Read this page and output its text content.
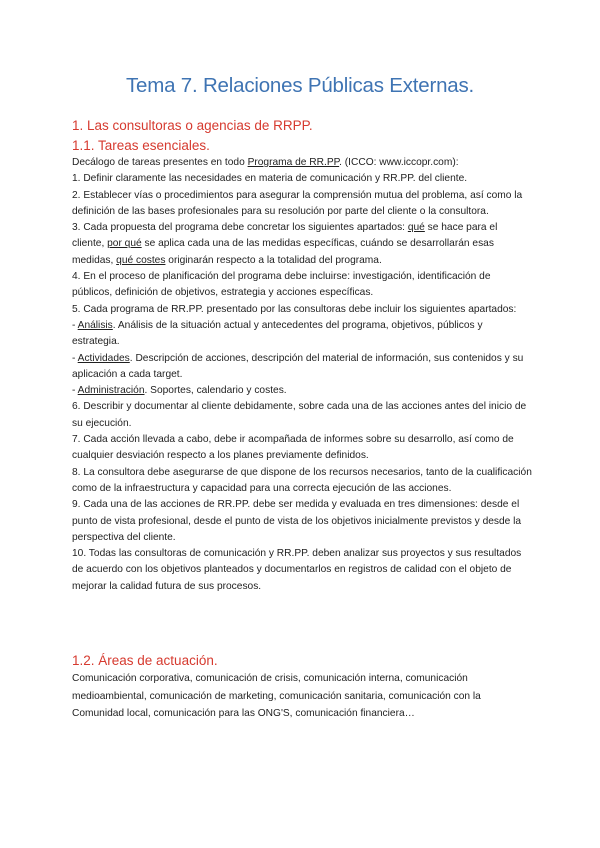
Tema 7. Relaciones Públicas Externas.
1. Las consultoras o agencias de RRPP.
1.1. Tareas esenciales.

Decálogo de tareas presentes en todo Programa de RR.PP. (ICCO: www.iccopr.com):

1. Definir claramente las necesidades en materia de comunicación y RR.PP. del cliente.

2. Establecer vías o procedimientos para asegurar la comprensión mutua del problema, así como la definición de las bases profesionales para su resolución por parte del cliente o la consultora.

3. Cada propuesta del programa debe concretar los siguientes apartados: qué se hace para el cliente, por qué se aplica cada una de las medidas específicas, cuándo se desarrollarán esas medidas, qué costes originarán respecto a la totalidad del programa.

4. En el proceso de planificación del programa debe incluirse: investigación, identificación de públicos, definición de objetivos, estrategia y acciones específicas.

5. Cada programa de RR.PP. presentado por las consultoras debe incluir los siguientes apartados:

- Análisis. Análisis de la situación actual y antecedentes del programa, objetivos, públicos y estrategia.

- Actividades. Descripción de acciones, descripción del material de información, sus contenidos y su aplicación a cada target.

- Administración. Soportes, calendario y costes.

6. Describir y documentar al cliente debidamente, sobre cada una de las acciones antes del inicio de su ejecución.

7. Cada acción llevada a cabo, debe ir acompañada de informes sobre su desarrollo, así como de cualquier desviación respecto a los planes previamente definidos.

8. La consultora debe asegurarse de que dispone de los recursos necesarios, tanto de la cualificación como de la infraestructura y capacidad para una correcta ejecución de las acciones.

9. Cada una de las acciones de RR.PP. debe ser medida y evaluada en tres dimensiones: desde el punto de vista profesional, desde el punto de vista de los objetivos inicialmente previstos y desde la perspectiva del cliente.

10. Todas las consultoras de comunicación y RR.PP. deben analizar sus proyectos y sus resultados de acuerdo con los objetivos planteados y documentarlos en registros de calidad con el objeto de mejorar la calidad futura de sus procesos.

1.2. Áreas de actuación.

Comunicación corporativa, comunicación de crisis, comunicación interna, comunicación medioambiental, comunicación de marketing, comunicación sanitaria, comunicación con la Comunidad local, comunicación para las ONG'S, comunicación financiera…
